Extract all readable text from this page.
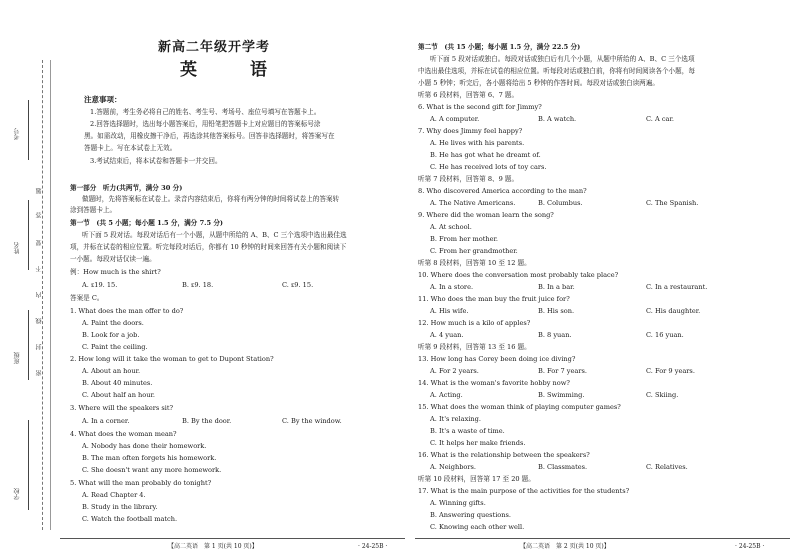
考号
姓名
班级
学校
题
答
要
不
内
线
封
密
新高二年级开学考
英　语
注意事项：
1.答题前，考生务必将自己的姓名、考生号、考场号、座位号填写在答题卡上。
2.回答选择题时，选出每小题答案后，用铅笔把答题卡上对应题目的答案标号涂
黑。如需改动，用橡皮擦干净后，再选涂其他答案标号。回答非选择题时，将答案写在
答题卡上。写在本试卷上无效。
3.考试结束后，将本试卷和答题卡一并交回。
第一部分　听力(共两节，满分 30 分)
做题时，先将答案标在试卷上。录音内容结束后，你将有两分钟的时间将试卷上的答案转
涂到答题卡上。
第一节　(共 5 小题；每小题 1.5 分，满分 7.5 分)
听下面 5 段对话。每段对话后有一个小题，从题中所给的 A、B、C 三个选项中选出最佳选
项，并标在试卷的相应位置。听完每段对话后，你都有 10 秒钟的时间来回答有关小题和阅读下
一小题。每段对话仅读一遍。
例：How much is the shirt?
A. ₤19. 15.	B. ₤9. 18.	C. ₤9. 15.
答案是 C。
1. What does the man offer to do?
A. Paint the doors.
B. Look for a job.
C. Paint the ceiling.
2. How long will it take the woman to get to Dupont Station?
A. About an hour.
B. About 40 minutes.
C. About half an hour.
3. Where will the speakers sit?
A. In a corner.	B. By the door.	C. By the window.
4. What does the woman mean?
A. Nobody has done their homework.
B. The man often forgets his homework.
C. She doesn't want any more homework.
5. What will the man probably do tonight?
A. Read Chapter 4.
B. Study in the library.
C. Watch the football match.
【高二英语　第 1 页(共 10 页)】	· 24-25B ·
第二节　(共 15 小题；每小题 1.5 分，满分 22.5 分)
听下面 5 段对话或独白。每段对话或独白后有几个小题，从题中所给的 A、B、C 三个选项
中选出最佳选项，并标在试卷的相应位置。听每段对话或独白前，你将有时间阅读各个小题，每
小题 5 秒钟；听完后，各小题将给出 5 秒钟的作答时间。每段对话或独白读两遍。
听第 6 段材料，回答第 6、7 题。
6. What is the second gift for Jimmy?
A. A computer.	B. A watch.	C. A car.
7. Why does Jimmy feel happy?
A. He lives with his parents.
B. He has got what he dreamt of.
C. He has received lots of toy cars.
听第 7 段材料，回答第 8、9 题。
8. Who discovered America according to the man?
A. The Native Americans.	B. Columbus.	C. The Spanish.
9. Where did the woman learn the song?
A. At school.
B. From her mother.
C. From her grandmother.
听第 8 段材料，回答第 10 至 12 题。
10. Where does the conversation most probably take place?
A. In a store.	B. In a bar.	C. In a restaurant.
11. Who does the man buy the fruit juice for?
A. His wife.	B. His son.	C. His daughter.
12. How much is a kilo of apples?
A. 4 yuan.	B. 8 yuan.	C. 16 yuan.
听第 9 段材料，回答第 13 至 16 题。
13. How long has Corey been doing ice diving?
A. For 2 years.	B. For 7 years.	C. For 9 years.
14. What is the woman's favorite hobby now?
A. Acting.	B. Swimming.	C. Skiing.
15. What does the woman think of playing computer games?
A. It's relaxing.
B. It's a waste of time.
C. It helps her make friends.
16. What is the relationship between the speakers?
A. Neighbors.	B. Classmates.	C. Relatives.
听第 10 段材料，回答第 17 至 20 题。
17. What is the main purpose of the activities for the students?
A. Winning gifts.
B. Answering questions.
C. Knowing each other well.
【高二英语　第 2 页(共 10 页)】	· 24-25B ·
